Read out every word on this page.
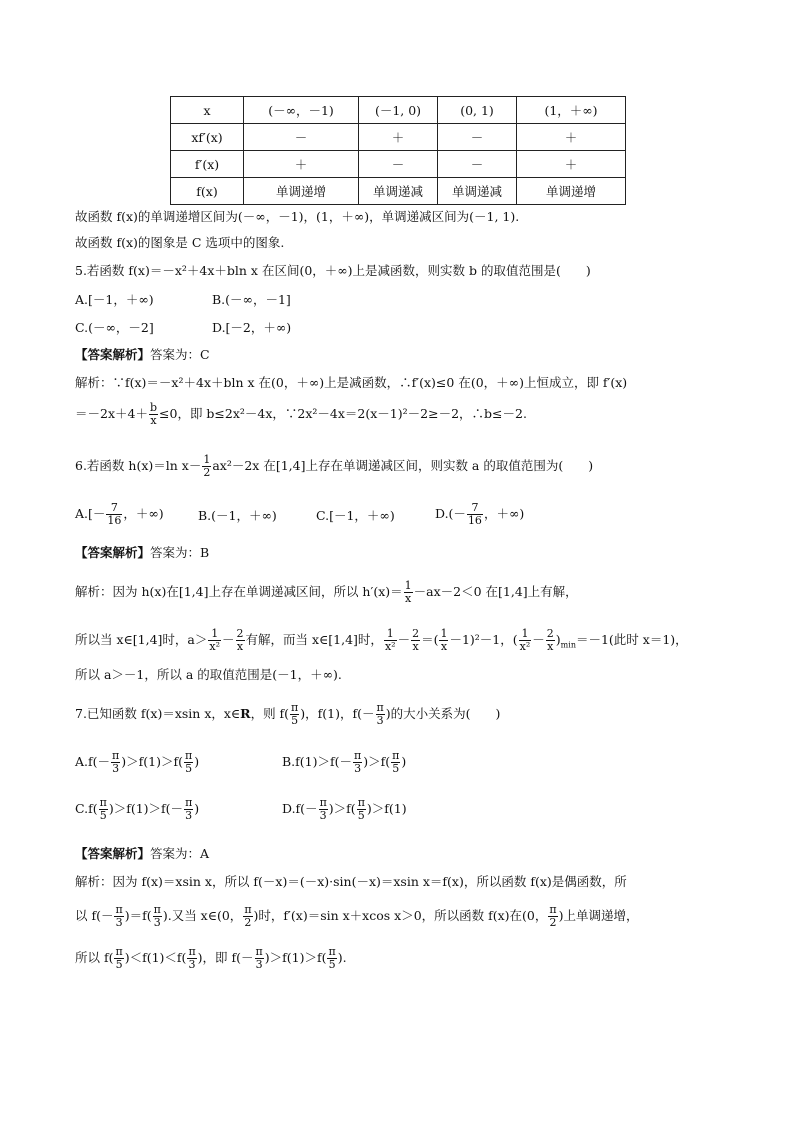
x	(－∞，－1)	(－1, 0)	(0, 1)	(1，＋∞)
xf′(x)	－	＋	－	＋
f′(x)	＋	－	－	＋
f(x)	单调递增	单调递减	单调递减	单调递增
故函数 f(x)的单调递增区间为(－∞，－1)，(1，＋∞)，单调递减区间为(－1, 1).
故函数 f(x)的图象是 C 选项中的图象.
5.若函数 f(x)＝－x²＋4x＋bln x 在区间(0，＋∞)上是减函数，则实数 b 的取值范围是(　　)
A.[－1，＋∞)	B.(－∞，－1]
C.(－∞，－2]	D.[－2，＋∞)
【答案解析】答案为：C
解析：∵f(x)＝－x²＋4x＋bln x 在(0，＋∞)上是减函数，∴f′(x)≤0 在(0，＋∞)上恒成立，即 f′(x)
$=-2x+4+ \frac{b}{x} \le 0$，即 b≤2x²－4x，∵2x²－4x＝2(x－1)²－2≥－2，∴b≤－2.
6.若函数 h(x)＝ln $x- \frac{1}{2} ax^2-2x$ 在[1,4]上存在单调递减区间，则实数 a 的取值范围为(　　)
$A.[- \frac{7}{16}$ ，＋∞)	B.(－1，＋∞)	C.[－1，＋∞)	$D.(- \frac{7}{16}$ ，＋∞)
【答案解析】答案为：B
解析：因为 h(x)在[1,4]上存在单调递减区间，所以 $h'(x)= \frac{1}{x} -ax-2<0$ 在[1,4]上有解，
所以当 x∈[1,4]时，$a> \frac{1}{\text{x²}} - \frac{2}{x}$ 有解，而当 x∈[1,4]时， $\frac{1}{\text{x²}} - \frac{2}{x}$ ＝( $\frac{1}{x} -1)^2-1$，( $\frac{1}{\text{x²}} - \frac{2}{x} )_{min}=-1$(此时 x＝1)，
所以 a＞－1，所以 a 的取值范围是(－1，＋∞).
7.已知函数 f(x)＝xsin x，x∈R，则 $f( \frac{\pi}{5}$ )，f(1)，$f(- \frac{\pi}{3}$ )的大小关系为(　　)
$A.f(- \frac{\pi}{3} )>f(1)>f( \frac{\pi}{5}$ )	$B.f(1)>f(- \frac{\pi}{3} )>f( \frac{\pi}{5}$ )
$C.f( \frac{\pi}{5} )>f(1)>f(- \frac{\pi}{3}$ )	$D.f(- \frac{\pi}{3} )>f( \frac{\pi}{5} )>f(1)$
【答案解析】答案为：A
解析：因为 f(x)＝xsin x，所以 f(－x)＝(－x)·sin(－x)＝xsin x＝f(x)，所以函数 f(x)是偶函数，所
以 $f(- \frac{\pi}{3} )=f( \frac{\pi}{3}$ ).又当 x∈(0， $\frac{\pi}{2}$ )时，f′(x)＝sin x＋xcos x＞0，所以函数 f(x)在(0， $\frac{\pi}{2}$ )上单调递增，
所以 $f( \frac{\pi}{5} )<f(1)<f( \frac{\pi}{3}$ )，即 $f(- \frac{\pi}{3} )>f(1)>f( \frac{\pi}{5}$ ).
